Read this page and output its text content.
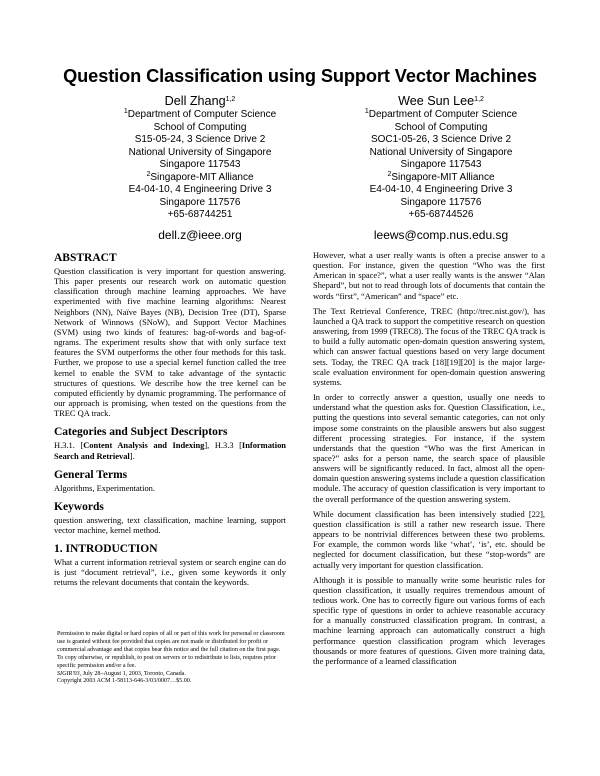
Question Classification using Support Vector Machines
Dell Zhang$^{1,2}$
$^1$Department of Computer Science
School of Computing
S15-05-24, 3 Science Drive 2
National University of Singapore
Singapore 117543
$^2$Singapore-MIT Alliance
E4-04-10, 4 Engineering Drive 3
Singapore 117576
+65-68744251
dell.z@ieee.org
Wee Sun Lee$^{1,2}$
$^1$Department of Computer Science
School of Computing
SOC1-05-26, 3 Science Drive 2
National University of Singapore
Singapore 117543
$^2$Singapore-MIT Alliance
E4-04-10, 4 Engineering Drive 3
Singapore 117576
+65-68744526
leews@comp.nus.edu.sg
ABSTRACT

Question classification is very important for question answering. This paper presents our research work on automatic question classification through machine learning approaches. We have experimented with five machine learning algorithms: Nearest Neighbors (NN), Naïve Bayes (NB), Decision Tree (DT), Sparse Network of Winnows (SNoW), and Support Vector Machines (SVM) using two kinds of features: bag-of-words and bag-of-ngrams. The experiment results show that with only surface text features the SVM outperforms the other four methods for this task. Further, we propose to use a special kernel function called the tree kernel to enable the SVM to take advantage of the syntactic structures of questions. We describe how the tree kernel can be computed efficiently by dynamic programming. The performance of our approach is promising, when tested on the questions from the TREC QA track.

Categories and Subject Descriptors

H.3.1. [Content Analysis and Indexing], H.3.3 [Information Search and Retrieval].

General Terms

Algorithms, Experimentation.

Keywords

question answering, text classification, machine learning, support vector machine, kernel method.

1. INTRODUCTION

What a current information retrieval system or search engine can do is just “document retrieval”, i.e., given some keywords it only returns the relevant documents that contain the keywords.

Permission to make digital or hard copies of all or part of this work for personal or classroom use is granted without fee provided that copies are not made or distributed for profit or commercial advantage and that copies bear this notice and the full citation on the first page. To copy otherwise, or republish, to post on servers or to redistribute to lists, requires prior specific permission and/or a fee.
SIGIR'03, July 28–August 1, 2003, Toronto, Canada.
Copyright 2003 ACM 1-58113-646-3/03/0007…$5.00.

However, what a user really wants is often a precise answer to a question. For instance, given the question “Who was the first American in space?”, what a user really wants is the answer “Alan Shepard”, but not to read through lots of documents that contain the words “first”, “American” and “space” etc.

The Text Retrieval Conference, TREC (http://trec.nist.gov/), has launched a QA track to support the competitive research on question answering, from 1999 (TREC8). The focus of the TREC QA track is to build a fully automatic open-domain question answering system, which can answer factual questions based on very large document sets. Today, the TREC QA track [18][19][20] is the major large-scale evaluation environment for open-domain question answering systems.

In order to correctly answer a question, usually one needs to understand what the question asks for. Question Classification, i.e., putting the questions into several semantic categories, can not only impose some constraints on the plausible answers but also suggest different processing strategies. For instance, if the system understands that the question “Who was the first American in space?” asks for a person name, the search space of plausible answers will be significantly reduced. In fact, almost all the open-domain question answering systems include a question classification module. The accuracy of question classification is very important to the overall performance of the question answering system.

While document classification has been intensively studied [22], question classification is still a rather new research issue. There appears to be nontrivial differences between these two problems. For example, the common words like ‘what’, ‘is’, etc. should be neglected for document classification, but these “stop-words” are actually very important for question classification.

Although it is possible to manually write some heuristic rules for question classification, it usually requires tremendous amount of tedious work. One has to correctly figure out various forms of each specific type of questions in order to achieve reasonable accuracy for a manually constructed classification program. In contrast, a machine learning approach can automatically construct a high performance question classification program which leverages thousands or more features of questions. Given more training data, the performance of a learned classification
